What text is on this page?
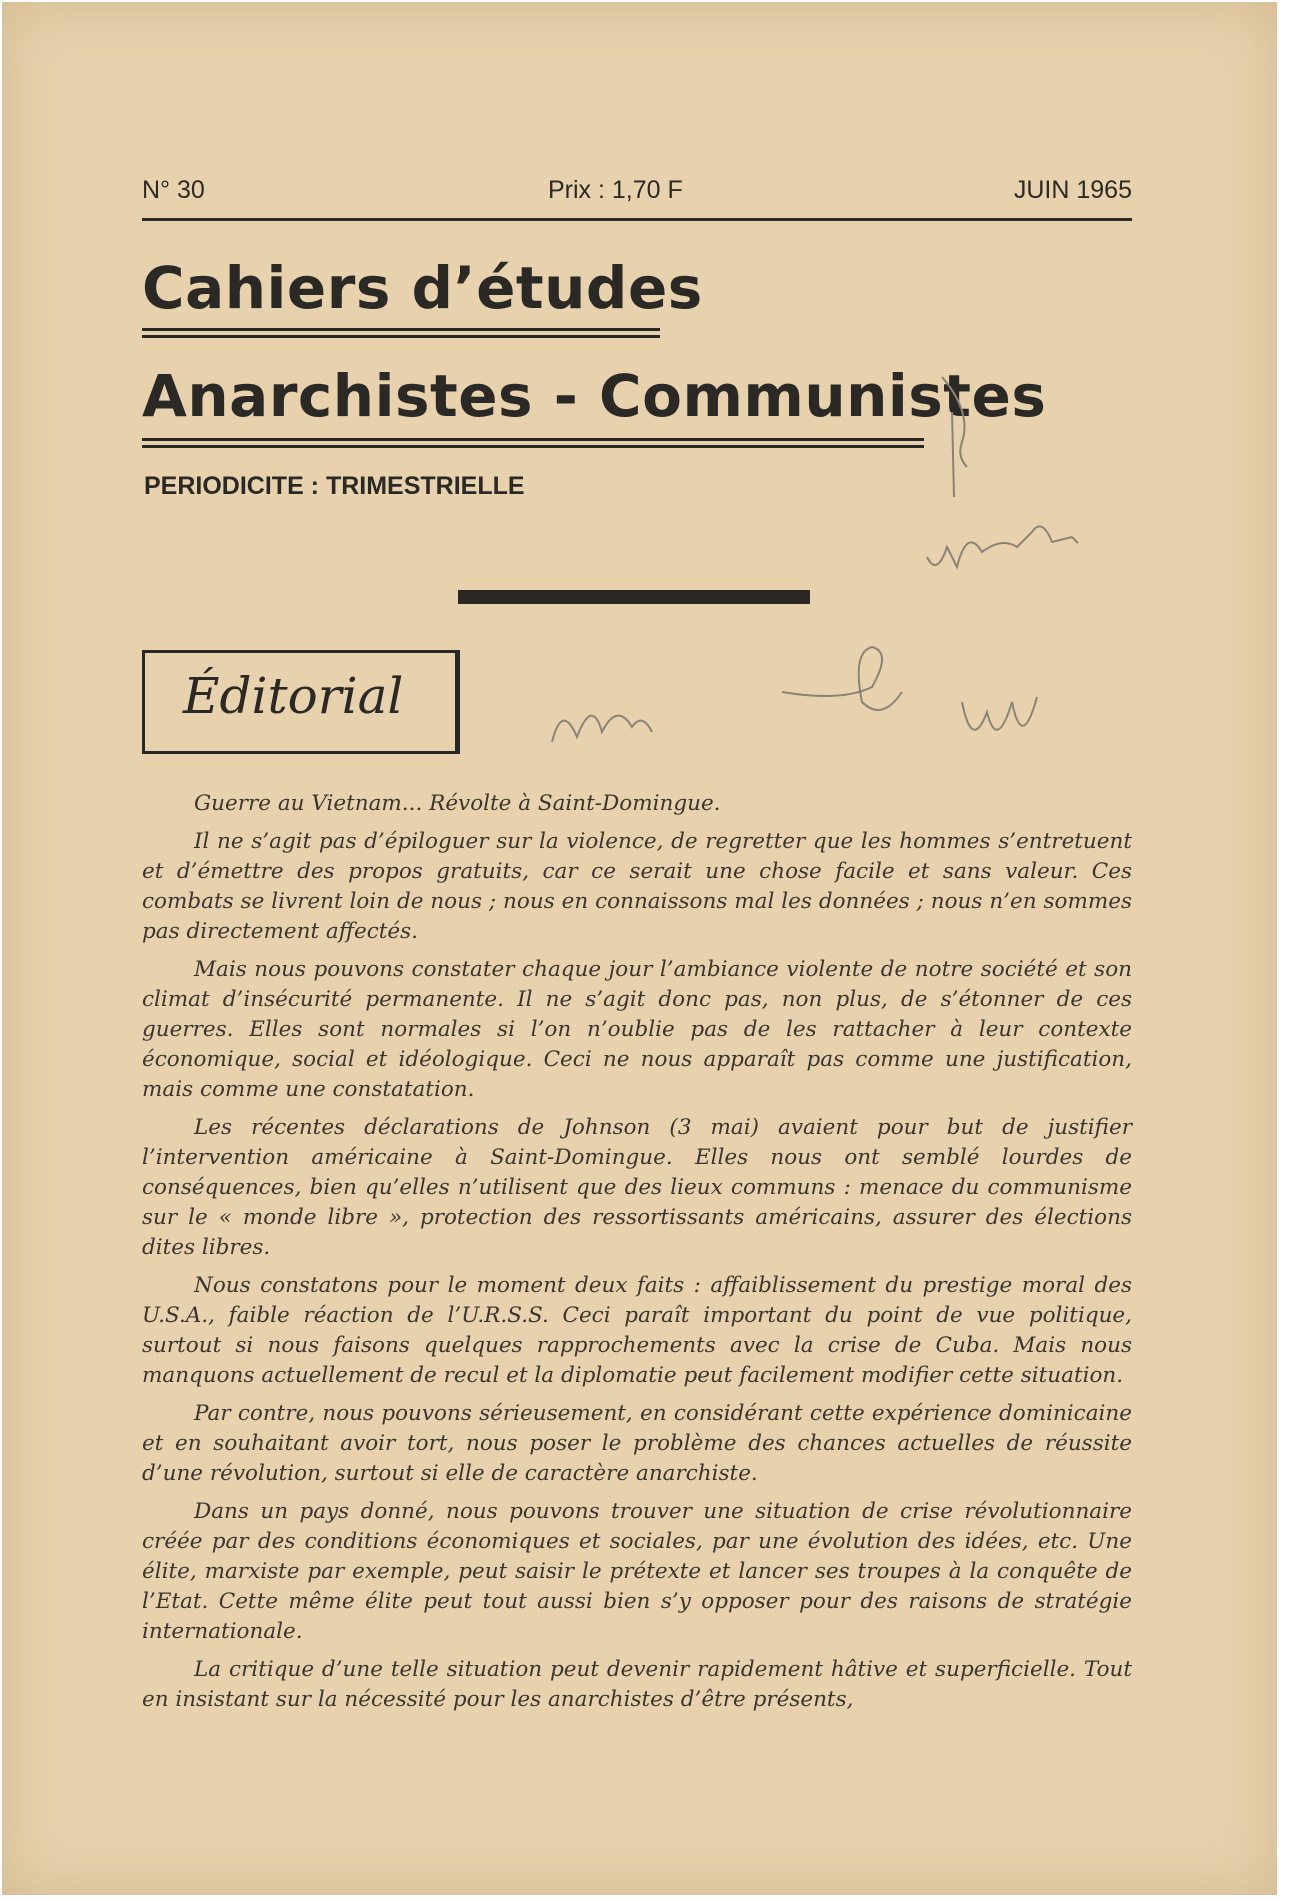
N° 30	Prix : 1,70 F	JUIN 1965
Cahiers d’études
Anarchistes - Communistes
PERIODICITE : TRIMESTRIELLE
Éditorial

Guerre au Vietnam... Révolte à Saint-Domingue.

Il ne s’agit pas d’épiloguer sur la violence, de regretter que les hommes s’entretuent et d’émettre des propos gratuits, car ce serait une chose facile et sans valeur. Ces combats se livrent loin de nous ; nous en connaissons mal les données ; nous n’en sommes pas directement affectés.

Mais nous pouvons constater chaque jour l’ambiance violente de notre société et son climat d’insécurité permanente. Il ne s’agit donc pas, non plus, de s’étonner de ces guerres. Elles sont normales si l’on n’oublie pas de les rattacher à leur contexte économique, social et idéologique. Ceci ne nous apparaît pas comme une justification, mais comme une constatation.

Les récentes déclarations de Johnson (3 mai) avaient pour but de justifier l’intervention américaine à Saint-Domingue. Elles nous ont semblé lourdes de conséquences, bien qu’elles n’utilisent que des lieux communs : menace du communisme sur le « monde libre », protection des ressortissants américains, assurer des élections dites libres.

Nous constatons pour le moment deux faits : affaiblissement du prestige moral des U.S.A., faible réaction de l’U.R.S.S. Ceci paraît important du point de vue politique, surtout si nous faisons quelques rapprochements avec la crise de Cuba. Mais nous manquons actuellement de recul et la diplomatie peut facilement modifier cette situation.

Par contre, nous pouvons sérieusement, en considérant cette expérience dominicaine et en souhaitant avoir tort, nous poser le problème des chances actuelles de réussite d’une révolution, surtout si elle de caractère anarchiste.

Dans un pays donné, nous pouvons trouver une situation de crise révolutionnaire créée par des conditions économiques et sociales, par une évolution des idées, etc. Une élite, marxiste par exemple, peut saisir le prétexte et lancer ses troupes à la conquête de l’Etat. Cette même élite peut tout aussi bien s’y opposer pour des raisons de stratégie internationale.

La critique d’une telle situation peut devenir rapidement hâtive et superficielle. Tout en insistant sur la nécessité pour les anarchistes d’être présents,
